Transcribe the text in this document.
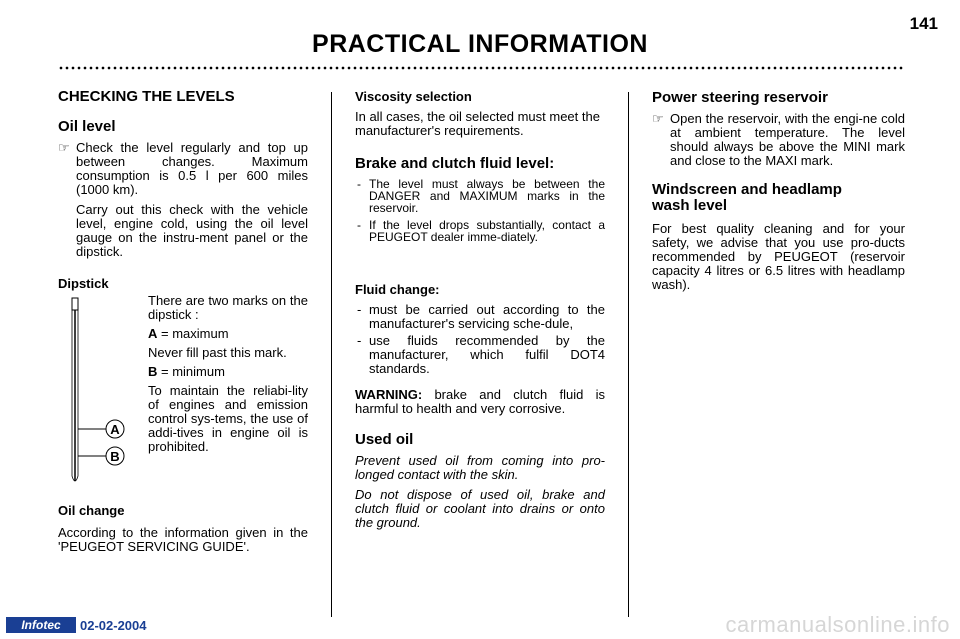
141
PRACTICAL INFORMATION
CHECKING THE LEVELS
Oil level
☞ Check the level regularly and top up between changes. Maximum consumption is 0.5 l per 600 miles (1000 km).

Carry out this check with the vehicle level, engine cold, using the oil level gauge on the instru-ment panel or the dipstick.

Dipstick
A
B

There are two marks on the dipstick :

A = maximum

Never fill past this mark.

B = minimum

To maintain the reliabi-lity of engines and emission control sys-tems, the use of addi-tives in engine oil is prohibited.

Oil change

According to the information given in the 'PEUGEOT SERVICING GUIDE'.

Viscosity selection

In all cases, the oil selected must meet the manufacturer's requirements.

Brake and clutch fluid level:
- The level must always be between the DANGER and MAXIMUM marks in the reservoir.
- If the level drops substantially, contact a PEUGEOT dealer imme-diately.
Fluid change:
- must be carried out according to the manufacturer's servicing sche-dule,
- use fluids recommended by the manufacturer, which fulfil DOT4 standards.

WARNING: brake and clutch fluid is harmful to health and very corrosive.

Used oil

Prevent used oil from coming into pro-longed contact with the skin.

Do not dispose of used oil, brake and clutch fluid or coolant into drains or onto the ground.

Power steering reservoir
☞ Open the reservoir, with the engi-ne cold at ambient temperature. The level should always be above the MINI mark and close to the MAXI mark.

Windscreen and headlamp wash level

For best quality cleaning and for your safety, we advise that you use pro-ducts recommended by PEUGEOT (reservoir capacity 4 litres or 6.5 litres with headlamp wash).

Infotec	02-02-2004	carmanualsonline.info
